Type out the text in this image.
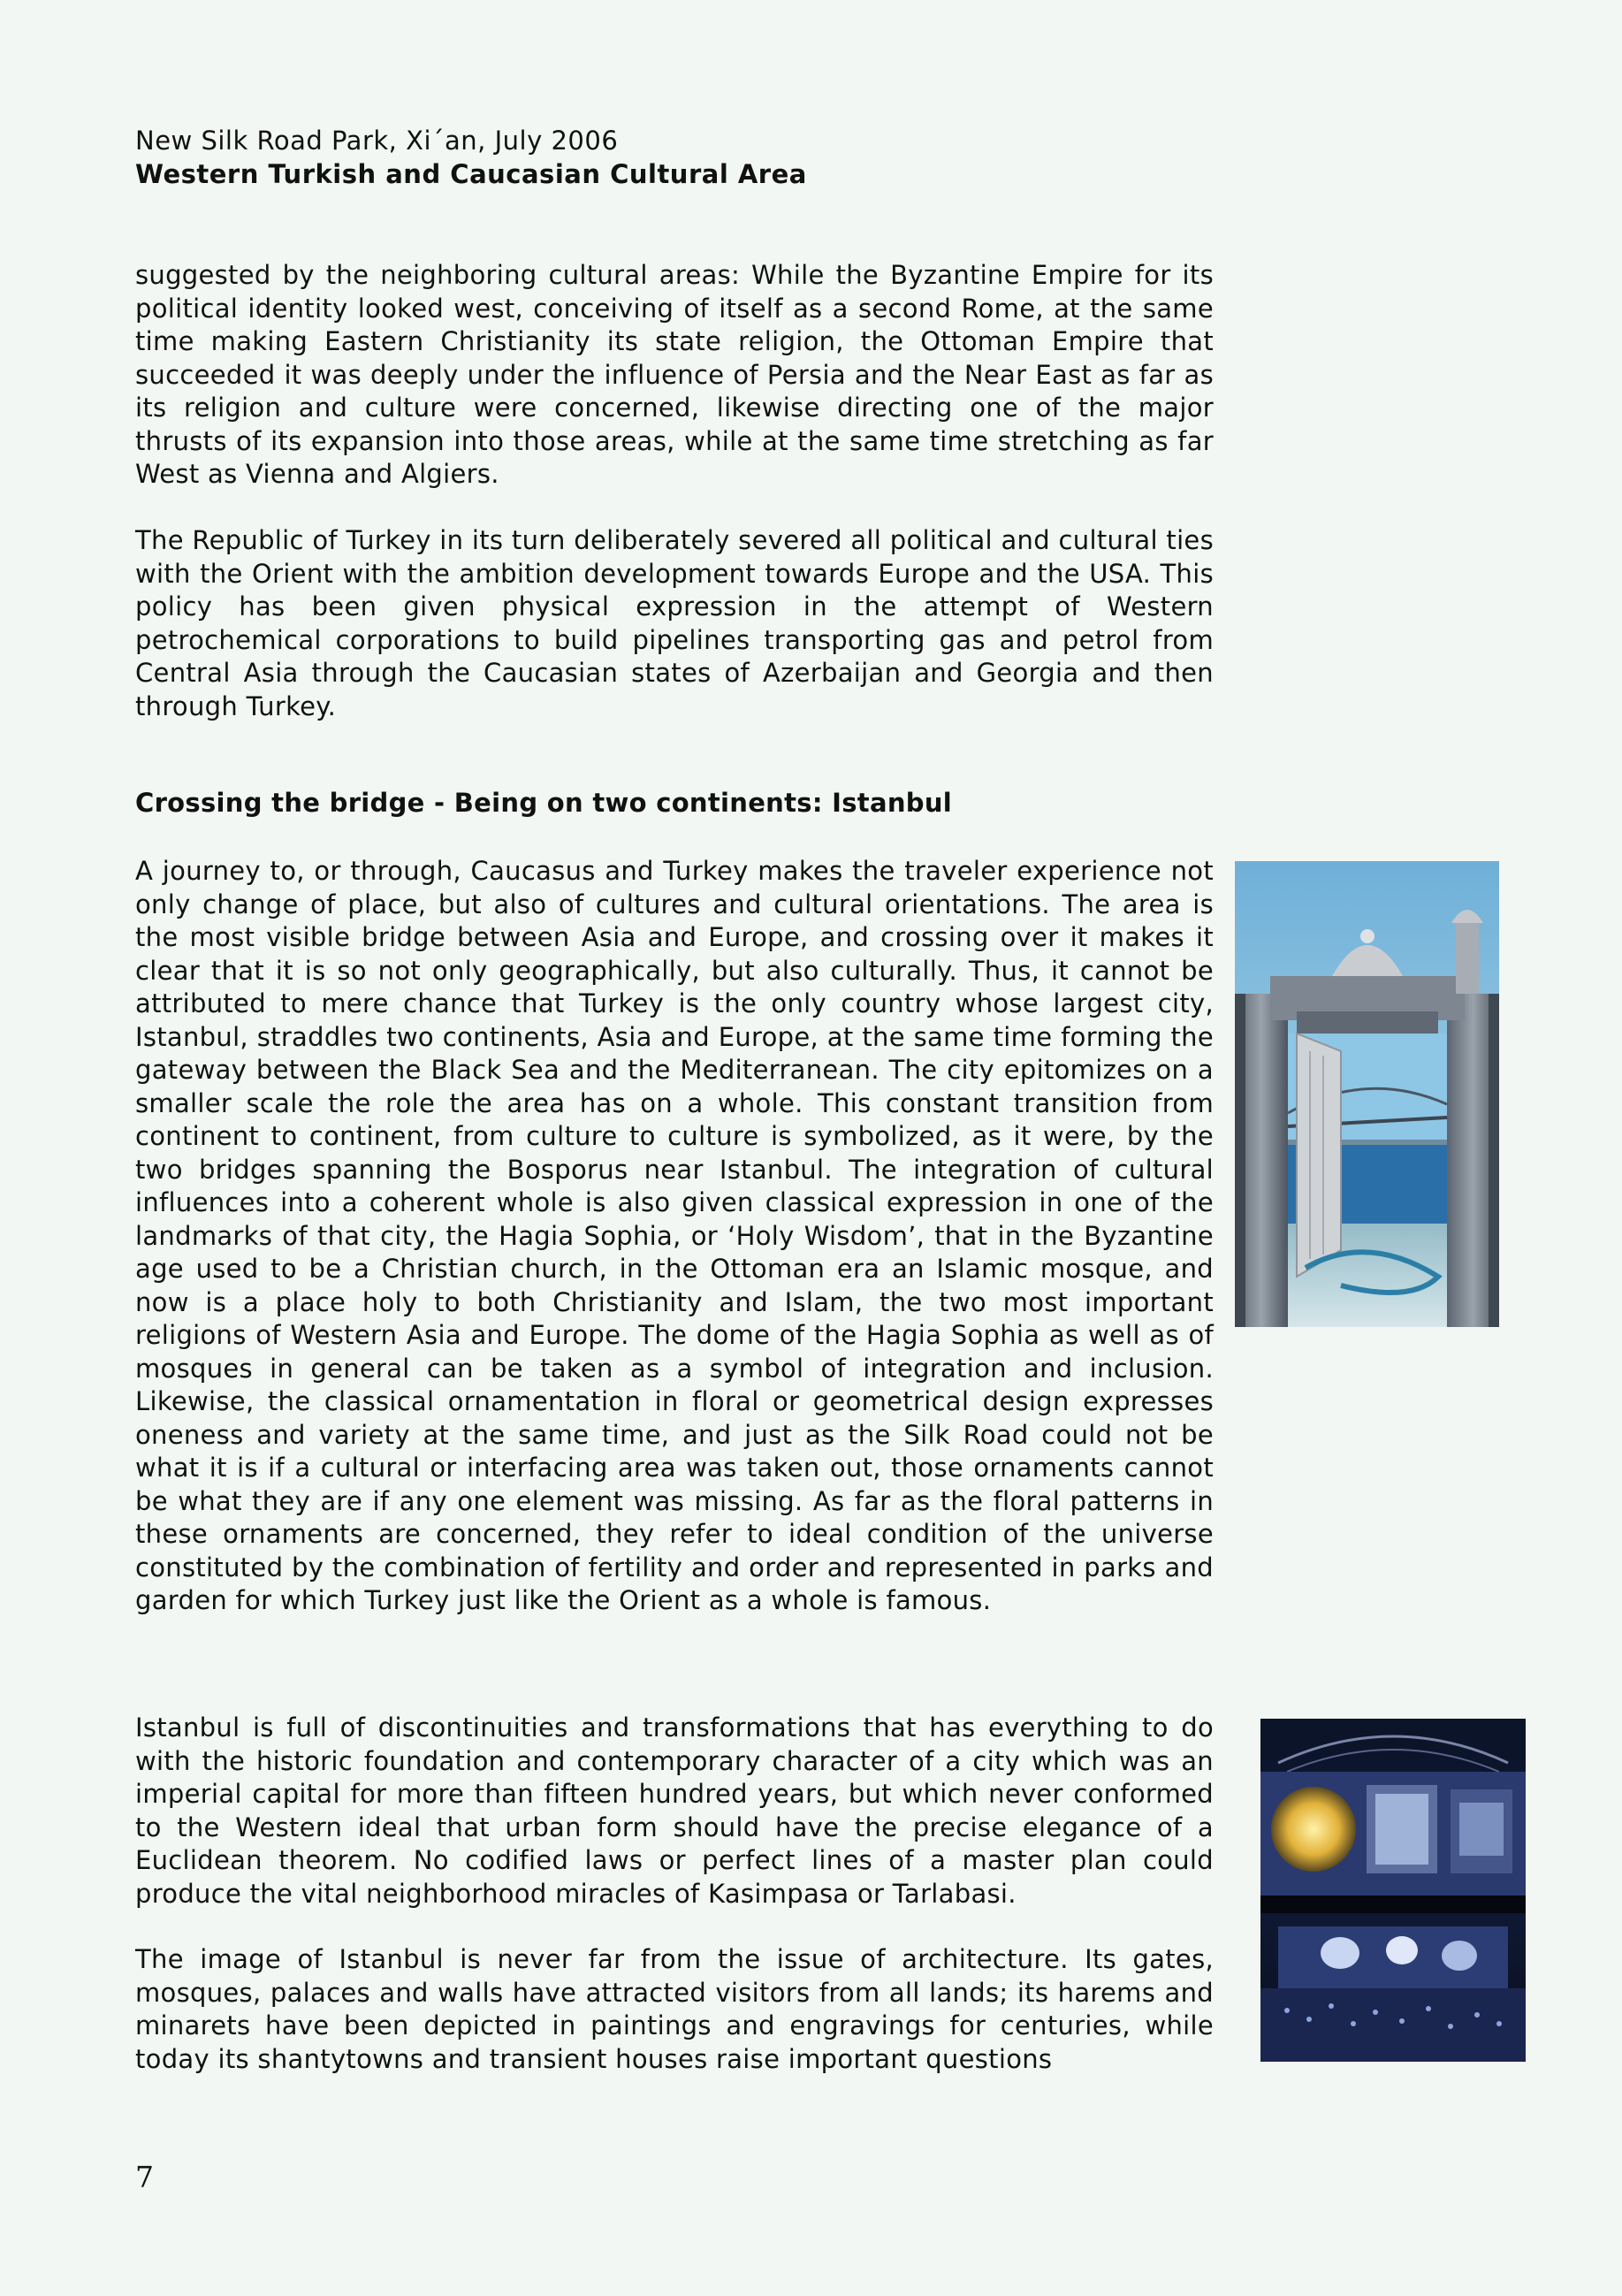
New Silk Road Park, Xi´an, July 2006
Western Turkish and Caucasian Cultural Area

suggested by the neighboring cultural areas: While the Byzantine Empire for its political identity looked west, conceiving of itself as a second Rome, at the same time making Eastern Christianity its state religion, the Ottoman Empire that succeeded it was deeply under the influence of Persia and the Near East as far as its religion and culture were concerned, likewise directing one of the major thrusts of its expansion into those areas, while at the same time stretching as far West as Vienna and Algiers.

The Republic of Turkey in its turn deliberately severed all political and cultural ties with the Orient with the ambition development towards Europe and the USA. This policy has been given physical expression in the attempt of Western petrochemical corporations to build pipelines transporting gas and petrol from Central Asia through the Caucasian states of Azerbaijan and Georgia and then through Turkey.

Crossing the bridge - Being on two continents: Istanbul

A journey to, or through, Caucasus and Turkey makes the traveler experience not only change of place, but also of cultures and cultural orientations. The area is the most visible bridge between Asia and Europe, and crossing over it makes it clear that it is so not only geographically, but also culturally. Thus, it cannot be attributed to mere chance that Turkey is the only country whose largest city, Istanbul, straddles two continents, Asia and Europe, at the same time forming the gateway between the Black Sea and the Mediterranean. The city epitomizes on a smaller scale the role the area has on a whole. This constant transition from continent to continent, from culture to culture is symbolized, as it were, by the two bridges spanning the Bosporus near Istanbul. The integration of cultural influences into a coherent whole is also given classical expression in one of the landmarks of that city, the Hagia Sophia, or ‘Holy Wisdom’, that in the Byzantine age used to be a Christian church, in the Ottoman era an Islamic mosque, and now is a place holy to both Christianity and Islam, the two most important religions of Western Asia and Europe. The dome of the Hagia Sophia as well as of mosques in general can be taken as a symbol of integration and inclusion. Likewise, the classical ornamentation in floral or geometrical design expresses oneness and variety at the same time, and just as the Silk Road could not be what it is if a cultural or interfacing area was taken out, those ornaments cannot be what they are if any one element was missing. As far as the floral patterns in these ornaments are concerned, they refer to ideal condition of the universe constituted by the combination of fertility and order and represented in parks and garden for which Turkey just like the Orient as a whole is famous.

Istanbul is full of discontinuities and transformations that has everything to do with the historic foundation and contemporary character of a city which was an imperial capital for more than fifteen hundred years, but which never conformed to the Western ideal that urban form should have the precise elegance of a Euclidean theorem. No codified laws or perfect lines of a master plan could produce the vital neighborhood miracles of Kasimpasa or Tarlabasi.

The image of Istanbul is never far from the issue of architecture. Its gates, mosques, palaces and walls have attracted visitors from all lands; its harems and minarets have been depicted in paintings and engravings for centuries, while today its shantytowns and transient houses raise important questions

7
